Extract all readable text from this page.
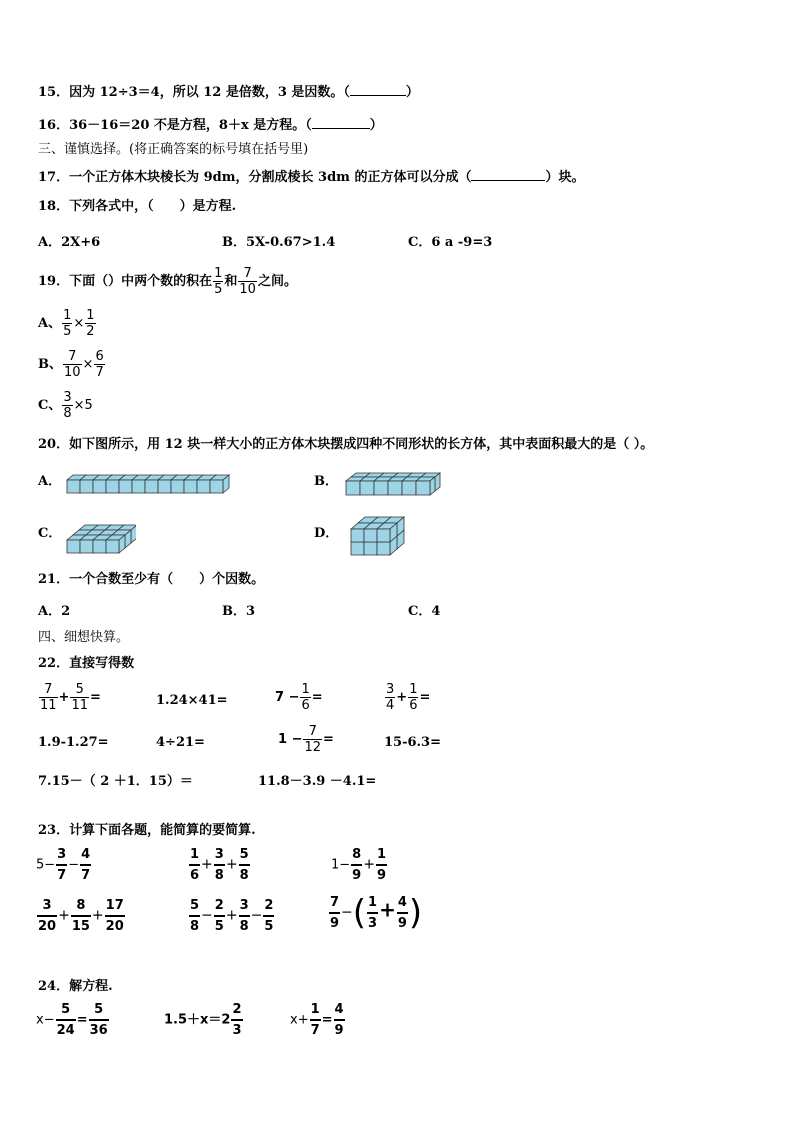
15．因为 12÷3＝4，所以 12 是倍数，3 是因数。（	）
16．36－16＝20 不是方程，8＋x 是方程。（	）
三、谨慎选择。(将正确答案的标号填在括号里)
17．一个正方体木块棱长为 9dm，分割成棱长 3dm 的正方体可以分成（	）块。
18．下列各式中，（　　）是方程.
A．2X+6	B．5X-0.67>1.4	C．6 a -9=3
19．下面（）中两个数的积在 $\frac{1}{5}$ 和 $\frac{7}{10}$ 之间。
A、 $\frac{1}{5} \times \frac{1}{2}$
B、 $\frac{7}{10} \times \frac{6}{7}$
C、 $\frac{3}{8} \times 5$
20．如下图所示，用 12 块一样大小的正方体木块摆成四种不同形状的长方体，其中表面积最大的是（ ）。
A．	B．
C．	D．
21．一个合数至少有（　　）个因数。
A．2	B．3	C．4
四、细想快算。
22．直接写得数
$\frac{7}{11} + \frac{5}{11}$ =	1.24×41=	$7 - \frac{1}{6}$ =	$\frac{3}{4} + \frac{1}{6}$ =
1.9-1.27=	4÷21=	$1 - \frac{7}{12}$ =	15-6.3=
7.15－（ 2 ＋1．15）＝	11.8－3.9 －4.1=
23．计算下面各题，能简算的要简算.
$5- \frac{3}{7} - \frac{4}{7}$	$\frac{1}{6} + \frac{3}{8} + \frac{5}{8}$	$1- \frac{8}{9} + \frac{1}{9}$
$\frac{3}{20} + \frac{8}{15} + \frac{17}{20}$	$\frac{5}{8} - \frac{2}{5} + \frac{3}{8} - \frac{2}{5}$	$\frac{7}{9}$ −( $\frac{1}{3} + \frac{4}{9}$ )
24．解方程.
$x- \frac{5}{24} = \frac{5}{36}$	$1.5+x=2 \frac{2}{3}$	$x+ \frac{1}{7} = \frac{4}{9}$
